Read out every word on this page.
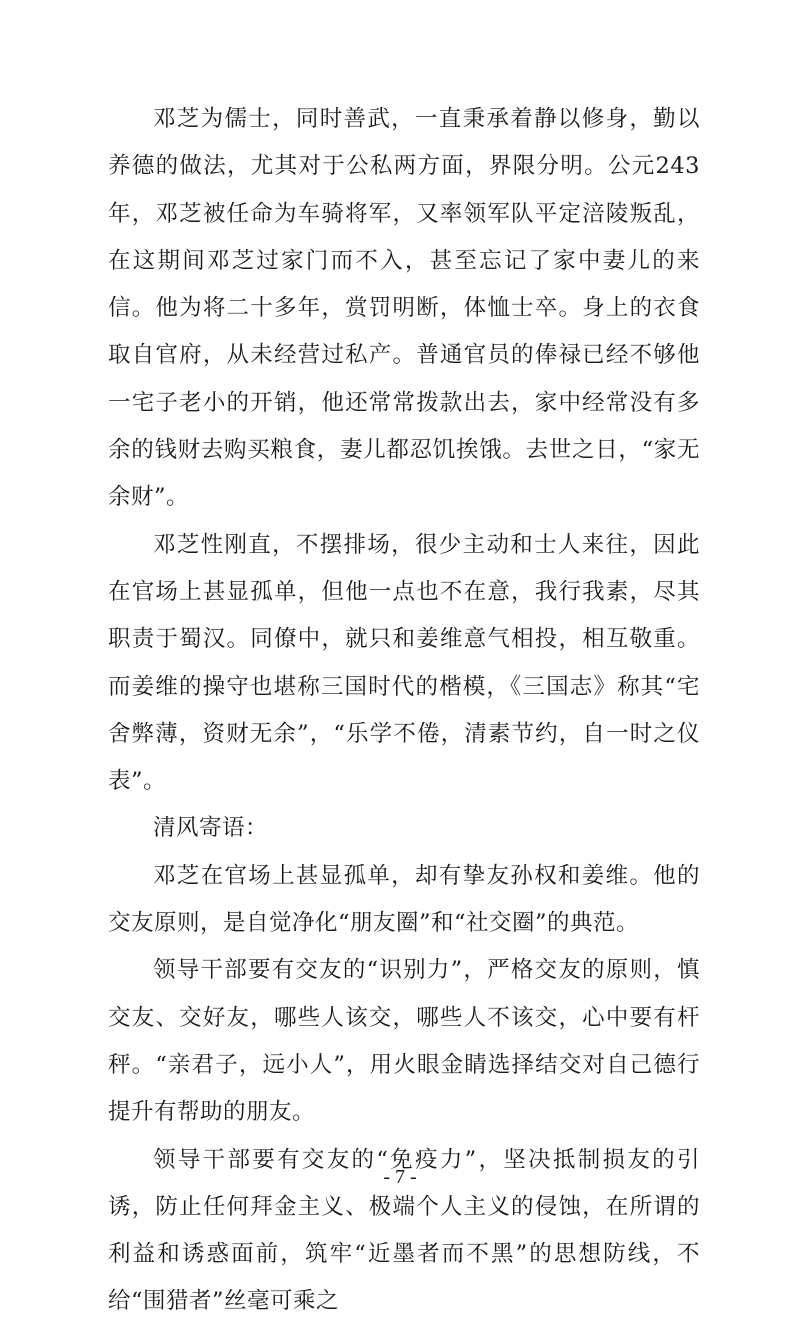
邓芝为儒士，同时善武，一直秉承着静以修身，勤以养德的做法，尤其对于公私两方面，界限分明。公元243年，邓芝被任命为车骑将军，又率领军队平定涪陵叛乱，在这期间邓芝过家门而不入，甚至忘记了家中妻儿的来信。他为将二十多年，赏罚明断，体恤士卒。身上的衣食取自官府，从未经营过私产。普通官员的俸禄已经不够他一宅子老小的开销，他还常常拨款出去，家中经常没有多余的钱财去购买粮食，妻儿都忍饥挨饿。去世之日，“家无余财”。

邓芝性刚直，不摆排场，很少主动和士人来往，因此在官场上甚显孤单，但他一点也不在意，我行我素，尽其职责于蜀汉。同僚中，就只和姜维意气相投，相互敬重。而姜维的操守也堪称三国时代的楷模，《三国志》称其“宅舍弊薄，资财无余”，“乐学不倦，清素节约，自一时之仪表”。

清风寄语：

邓芝在官场上甚显孤单，却有挚友孙权和姜维。他的交友原则，是自觉净化“朋友圈”和“社交圈”的典范。

领导干部要有交友的“识别力”，严格交友的原则，慎交友、交好友，哪些人该交，哪些人不该交，心中要有杆秤。“亲君子，远小人”，用火眼金睛选择结交对自己德行提升有帮助的朋友。

领导干部要有交友的“免疫力”，坚决抵制损友的引诱，防止任何拜金主义、极端个人主义的侵蚀，在所谓的利益和诱惑面前，筑牢“近墨者而不黑”的思想防线，不给“围猎者”丝毫可乘之

- 7 -
